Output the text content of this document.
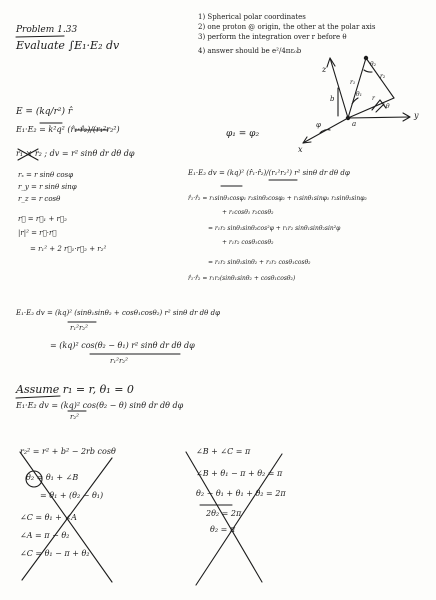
Problem 1.33
Evaluate ∫E₁·E₂ dv
1) Spherical polar coordinates
2) one proton @ origin, the other at the polar axis
3) perform the integration over r before θ
4) answer should be e²/4πε₀b
z
y
x
φ	a
b
r₁
r₂
r
θ₁
θ₂
θ
φ₁ = φ₂
E = (kq/r²) r̂
E₁·E₂ = k²q² (r̂₁·r̂₂)/(r₁²r₂²)
r₁ × r₂ ; dv = r² sinθ dr dθ dφ
rₓ = r sinθ cosφ
r_y = r sinθ sinφ
r_z = r cosθ
r⃗ = r⃗₁ + r⃗₂
|r|² = r⃗·r⃗
= r₁² + 2 r⃗₁·r⃗₂ + r₂²
E₁·E₂ dv = (kq)² (r̂₁·r̂₂)/(r₁²r₂²) r² sinθ dr dθ dφ
r̂₁·r̂₂ = r₁sinθ₁cosφ₁ r₂sinθ₂cosφ₂ + r₁sinθ₁sinφ₁ r₂sinθ₂sinφ₂
+ r₁cosθ₁ r₂cosθ₂
= r₁r₂ sinθ₁sinθ₂cos²φ + r₁r₂ sinθ₁sinθ₂sin²φ
+ r₁r₂ cosθ₁cosθ₂
= r₁r₂ sinθ₁sinθ₂ + r₁r₂ cosθ₁cosθ₂
r̂₁·r̂₂ = r₁r₂(sinθ₁sinθ₂ + cosθ₁cosθ₂)
E₁·E₂ dv = (kq)² (sinθ₁sinθ₂ + cosθ₁cosθ₂) r² sinθ dr dθ dφ
r₁²r₂²
= (kq)² cos(θ₂ − θ₁) r² sinθ dr dθ dφ
r₁²r₂²
Assume r₁ = r, θ₁ = 0
E₁·E₂ dv = (kq)² cos(θ₂ − θ) sinθ dr dθ dφ
r₂²
r₂² = r² + b² − 2rb cosθ
θ₂ = θ₁ + ∠B
= θ₁ + (θ₂ − θ₁)
∠C = θ₁ + ∠A
∠A = π − θ₂
∠C = θ₁ − π + θ₂
∠B + ∠C = π
∠B + θ₁ − π + θ₂ = π
θ₂ − θ₁ + θ₁ + θ₂ = 2π
2θ₂ = 2π
θ₂ = π
